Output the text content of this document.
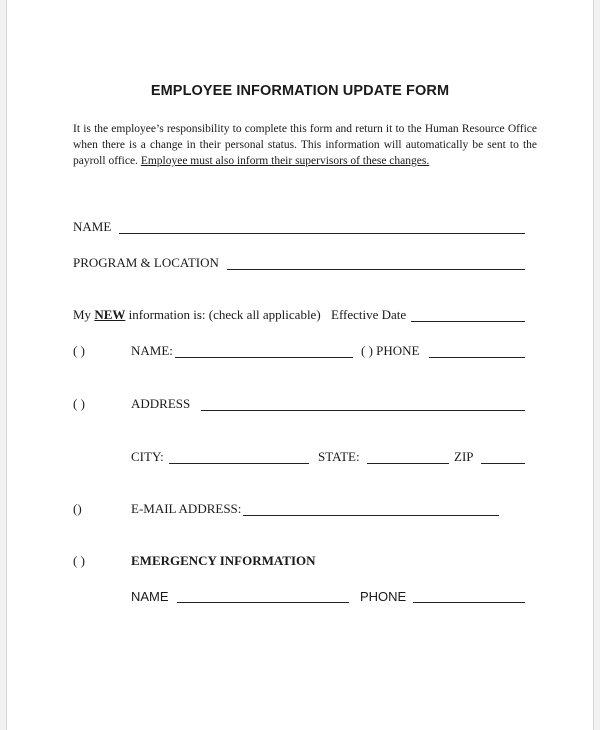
EMPLOYEE INFORMATION UPDATE FORM
It is the employee’s responsibility to complete this form and return it to the Human Resource Office when there is a change in their personal status. This information will automatically be sent to the payroll office. Employee must also inform their supervisors of these changes.
NAME
PROGRAM & LOCATION
My NEW information is: (check all applicable) Effective Date
( )	NAME:	( ) PHONE
( )	ADDRESS
CITY:	STATE:	ZIP
()	E-MAIL ADDRESS:
( )	EMERGENCY INFORMATION
NAME	PHONE
